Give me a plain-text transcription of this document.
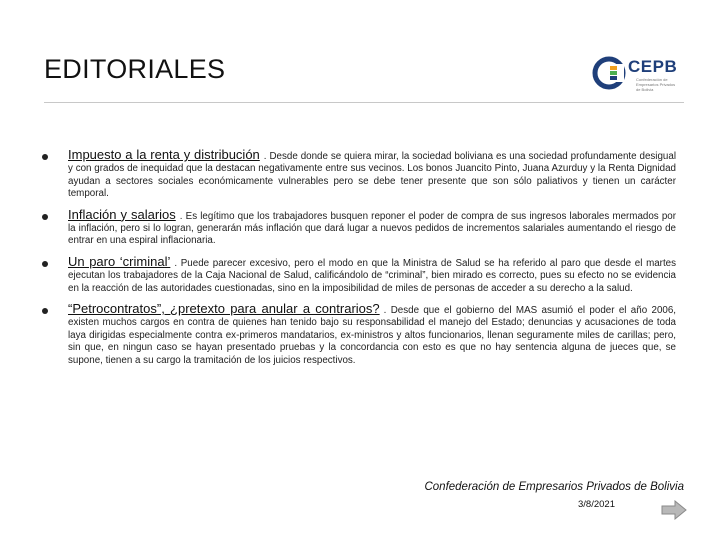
EDITORIALES	CEPB
Confederación de Empresarios Privados de Bolivia

Impuesto a la renta y distribución . Desde donde se quiera mirar, la sociedad boliviana es una sociedad profundamente desigual y con grados de inequidad que la destacan negativamente entre sus vecinos. Los bonos Juancito Pinto, Juana Azurduy y la Renta Dignidad ayudan a sectores sociales económicamente vulnerables pero se debe tener presente que son sólo paliativos y tienen un carácter temporal.

Inflación y salarios . Es legítimo que los trabajadores busquen reponer el poder de compra de sus ingresos laborales mermados por la inflación, pero si lo logran, generarán más inflación que dará lugar a nuevos pedidos de incrementos salariales aumentando el riesgo de entrar en una espiral inflacionaria.

Un paro ‘criminal’ . Puede parecer excesivo, pero el modo en que la Ministra de Salud se ha referido al paro que desde el martes ejecutan los trabajadores de la Caja Nacional de Salud, calificándolo de “criminal”, bien mirado es correcto, pues su efecto no se evidencia en la reacción de las autoridades cuestionadas, sino en la imposibilidad de miles de personas de acceder a su derecho a la salud.

“Petrocontratos”, ¿pretexto para anular a contrarios? . Desde que el gobierno del MAS asumió el poder el año 2006, existen muchos cargos en contra de quienes han tenido bajo su responsabilidad el manejo del Estado; denuncias y acusaciones de toda laya dirigidas especialmente contra ex-primeros mandatarios, ex-ministros y altos funcionarios, llenan seguramente miles de carillas; pero, sin que, en ningun caso se hayan presentado pruebas y la concordancia con esto es que no hay sentencia alguna de jueces que, se supone, tienen a su cargo la tramitación de los juicios respectivos.

Confederación de Empresarios Privados de Bolivia
3/8/2021
